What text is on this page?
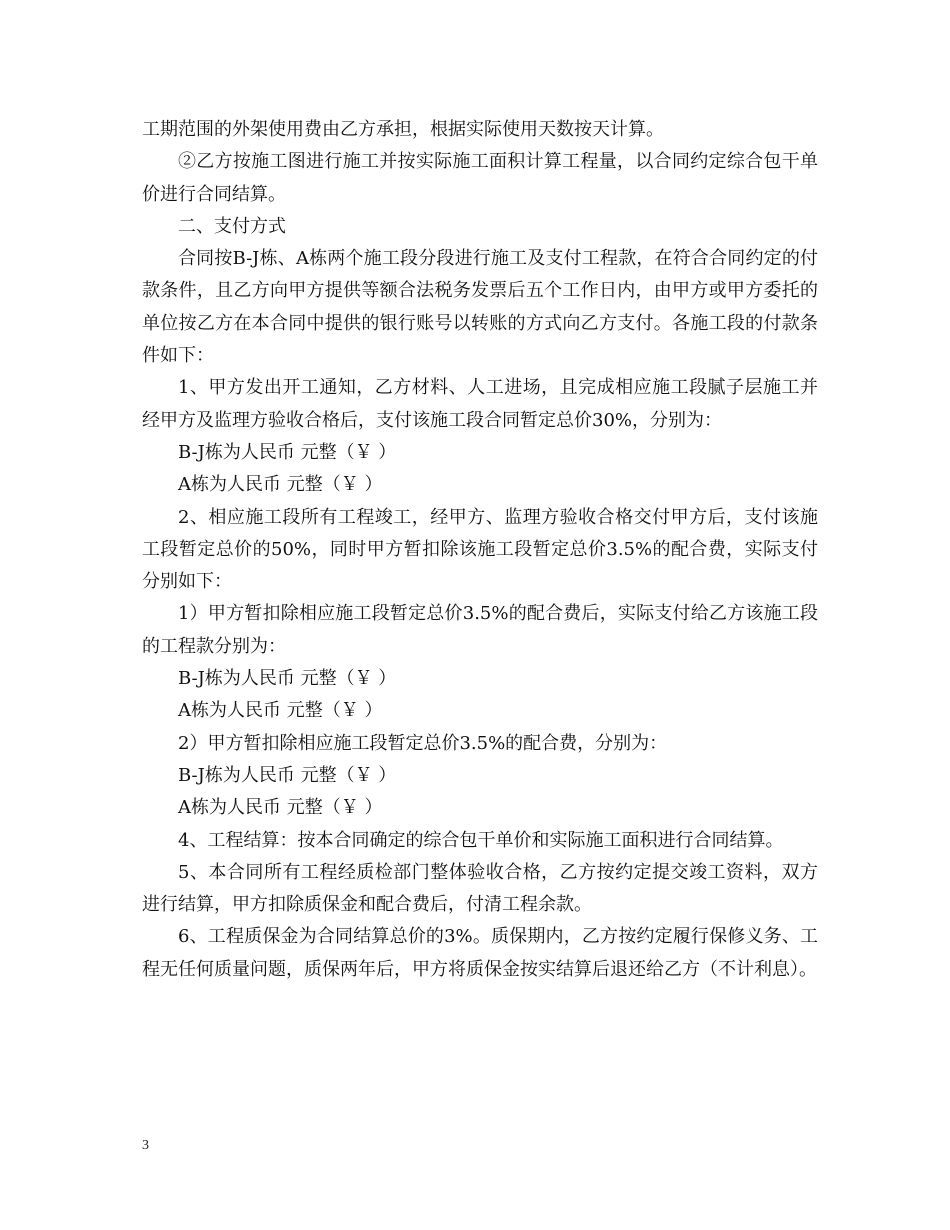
工期范围的外架使用费由乙方承担，根据实际使用天数按天计算。

②乙方按施工图进行施工并按实际施工面积计算工程量，以合同约定综合包干单价进行合同结算。

二、支付方式

合同按B-J栋、A栋两个施工段分段进行施工及支付工程款，在符合合同约定的付款条件，且乙方向甲方提供等额合法税务发票后五个工作日内，由甲方或甲方委托的单位按乙方在本合同中提供的银行账号以转账的方式向乙方支付。各施工段的付款条件如下：

1、甲方发出开工通知，乙方材料、人工进场，且完成相应施工段腻子层施工并经甲方及监理方验收合格后，支付该施工段合同暂定总价30%，分别为：

B-J栋为人民币 元整（￥ ）

A栋为人民币 元整（￥ ）

2、相应施工段所有工程竣工，经甲方、监理方验收合格交付甲方后，支付该施工段暂定总价的50%，同时甲方暂扣除该施工段暂定总价3.5%的配合费，实际支付分别如下：

1）甲方暂扣除相应施工段暂定总价3.5%的配合费后，实际支付给乙方该施工段的工程款分别为：

B-J栋为人民币 元整（￥ ）

A栋为人民币 元整（￥ ）

2）甲方暂扣除相应施工段暂定总价3.5%的配合费，分别为：

B-J栋为人民币 元整（￥ ）

A栋为人民币 元整（￥ ）

4、工程结算：按本合同确定的综合包干单价和实际施工面积进行合同结算。

5、本合同所有工程经质检部门整体验收合格，乙方按约定提交竣工资料，双方进行结算，甲方扣除质保金和配合费后，付清工程余款。

6、工程质保金为合同结算总价的3%。质保期内，乙方按约定履行保修义务、工程无任何质量问题，质保两年后，甲方将质保金按实结算后退还给乙方（不计利息）。

3
